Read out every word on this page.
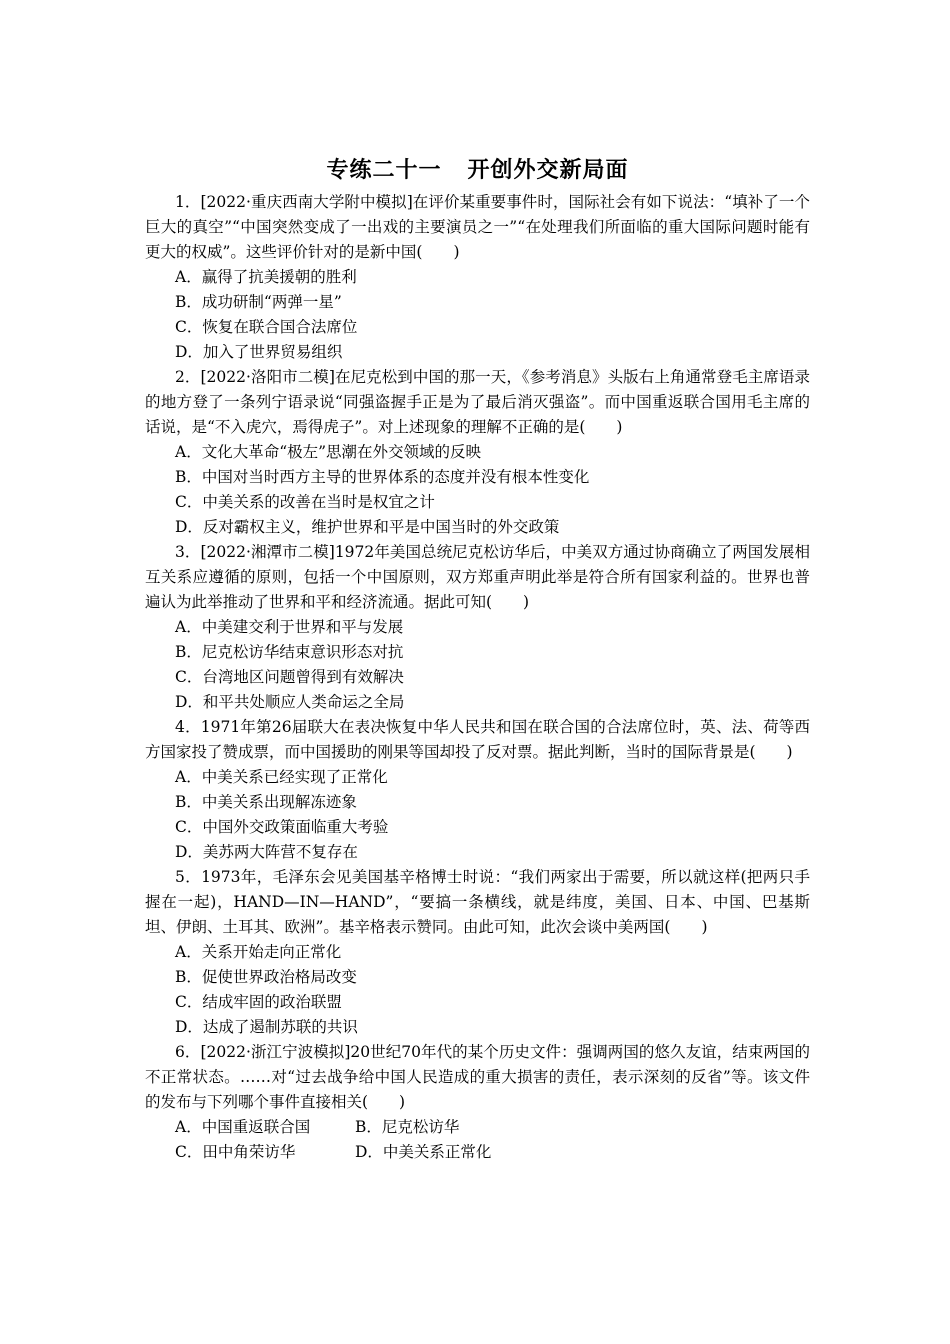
专练二十一 开创外交新局面

1．[2022·重庆西南大学附中模拟]在评价某重要事件时，国际社会有如下说法：“填补了一个巨大的真空”“中国突然变成了一出戏的主要演员之一”“在处理我们所面临的重大国际问题时能有更大的权威”。这些评价针对的是新中国(　　)

A．赢得了抗美援朝的胜利

B．成功研制“两弹一星”

C．恢复在联合国合法席位

D．加入了世界贸易组织

2．[2022·洛阳市二模]在尼克松到中国的那一天，《参考消息》头版右上角通常登毛主席语录的地方登了一条列宁语录说“同强盗握手正是为了最后消灭强盗”。而中国重返联合国用毛主席的话说，是“不入虎穴，焉得虎子”。对上述现象的理解不正确的是(　　)

A．文化大革命“极左”思潮在外交领域的反映

B．中国对当时西方主导的世界体系的态度并没有根本性变化

C．中美关系的改善在当时是权宜之计

D．反对霸权主义，维护世界和平是中国当时的外交政策

3．[2022·湘潭市二模]1972年美国总统尼克松访华后，中美双方通过协商确立了两国发展相互关系应遵循的原则，包括一个中国原则，双方郑重声明此举是符合所有国家利益的。世界也普遍认为此举推动了世界和平和经济流通。据此可知(　　)

A．中美建交利于世界和平与发展

B．尼克松访华结束意识形态对抗

C．台湾地区问题曾得到有效解决

D．和平共处顺应人类命运之全局

4．1971年第26届联大在表决恢复中华人民共和国在联合国的合法席位时，英、法、荷等西方国家投了赞成票，而中国援助的刚果等国却投了反对票。据此判断，当时的国际背景是(　　)

A．中美关系已经实现了正常化

B．中美关系出现解冻迹象

C．中国外交政策面临重大考验

D．美苏两大阵营不复存在

5．1973年，毛泽东会见美国基辛格博士时说：“我们两家出于需要，所以就这样(把两只手握在一起)，HAND—IN—HAND”，“要搞一条横线，就是纬度，美国、日本、中国、巴基斯坦、伊朗、土耳其、欧洲”。基辛格表示赞同。由此可知，此次会谈中美两国(　　)

A．关系开始走向正常化

B．促使世界政治格局改变

C．结成牢固的政治联盟

D．达成了遏制苏联的共识

6．[2022·浙江宁波模拟]20世纪70年代的某个历史文件：强调两国的悠久友谊，结束两国的不正常状态。……对“过去战争给中国人民造成的重大损害的责任，表示深刻的反省”等。该文件的发布与下列哪个事件直接相关(　　)

A．中国重返联合国	B．尼克松访华
C．田中角荣访华	D．中美关系正常化
